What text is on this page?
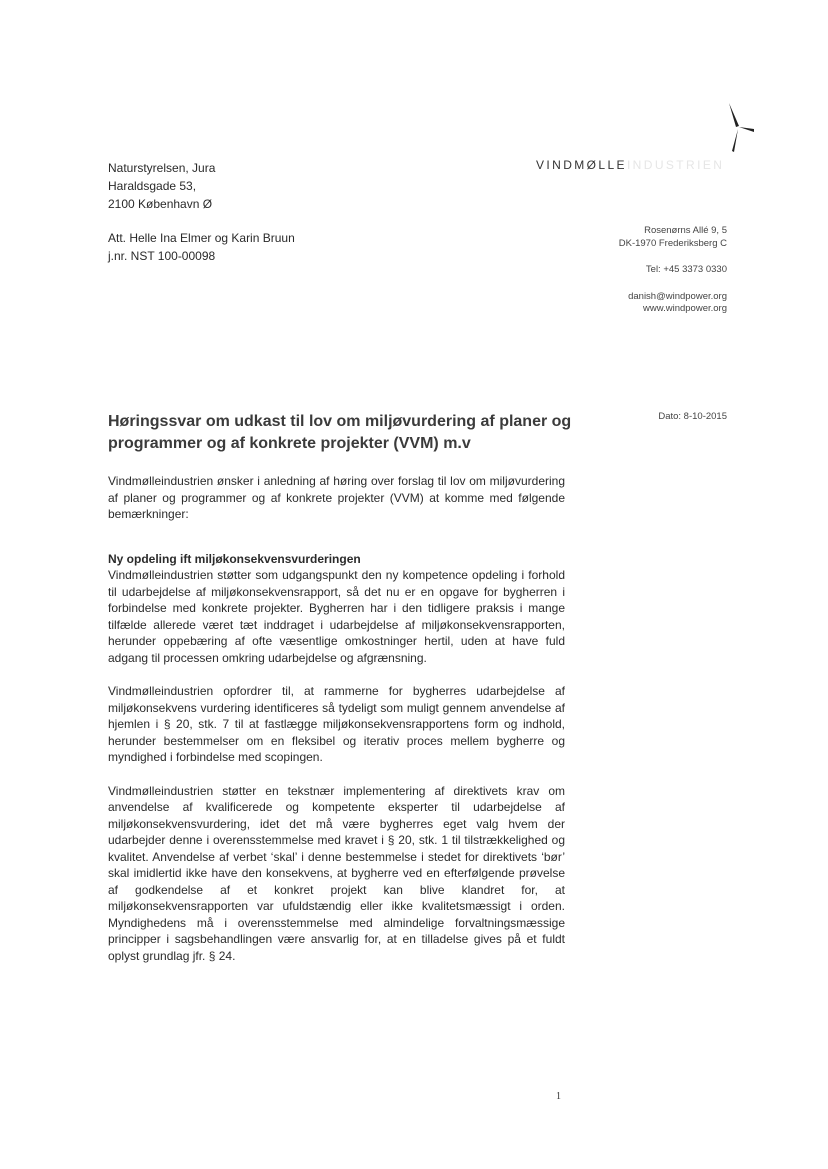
Naturstyrelsen, Jura
Haraldsgade 53,
2100 København Ø
Att. Helle Ina Elmer og Karin Bruun
j.nr. NST 100-00098
VINDMØLLEINDUSTRIEN
Rosenørns Allé 9, 5
DK-1970 Frederiksberg C
Tel: +45 3373 0330
danish@windpower.org
www.windpower.org
Dato: 8-10-2015
Høringssvar om udkast til lov om miljøvurdering af planer og programmer og af konkrete projekter (VVM) m.v

Vindmølleindustrien ønsker i anledning af høring over forslag til lov om miljøvurdering af planer og programmer og af konkrete projekter (VVM) at komme med følgende bemærkninger:

Ny opdeling ift miljøkonsekvensvurderingen

Vindmølleindustrien støtter som udgangspunkt den ny kompetence opdeling i forhold til udarbejdelse af miljøkonsekvensrapport, så det nu er en opgave for bygherren i forbindelse med konkrete projekter. Bygherren har i den tidligere praksis i mange tilfælde allerede været tæt inddraget i udarbejdelse af miljøkonsekvensrapporten, herunder oppebæring af ofte væsentlige omkostninger hertil, uden at have fuld adgang til processen omkring udarbejdelse og afgrænsning.

Vindmølleindustrien opfordrer til, at rammerne for bygherres udarbejdelse af miljøkonsekvens vurdering identificeres så tydeligt som muligt gennem anvendelse af hjemlen i § 20, stk. 7 til at fastlægge miljøkonsekvensrapportens form og indhold, herunder bestemmelser om en fleksibel og iterativ proces mellem bygherre og myndighed i forbindelse med scopingen.

Vindmølleindustrien støtter en tekstnær implementering af direktivets krav om anvendelse af kvalificerede og kompetente eksperter til udarbejdelse af miljøkonsekvensvurdering, idet det må være bygherres eget valg hvem der udarbejder denne i overensstemmelse med kravet i § 20, stk. 1 til tilstrækkelighed og kvalitet. Anvendelse af verbet ‘skal’ i denne bestemmelse i stedet for direktivets ‘bør’ skal imidlertid ikke have den konsekvens, at bygherre ved en efterfølgende prøvelse af godkendelse af et konkret projekt kan blive klandret for, at miljøkonsekvensrapporten var ufuldstændig eller ikke kvalitetsmæssigt i orden. Myndighedens må i overensstemmelse med almindelige forvaltningsmæssige principper i sagsbehandlingen være ansvarlig for, at en tilladelse gives på et fuldt oplyst grundlag jfr. § 24.

1
